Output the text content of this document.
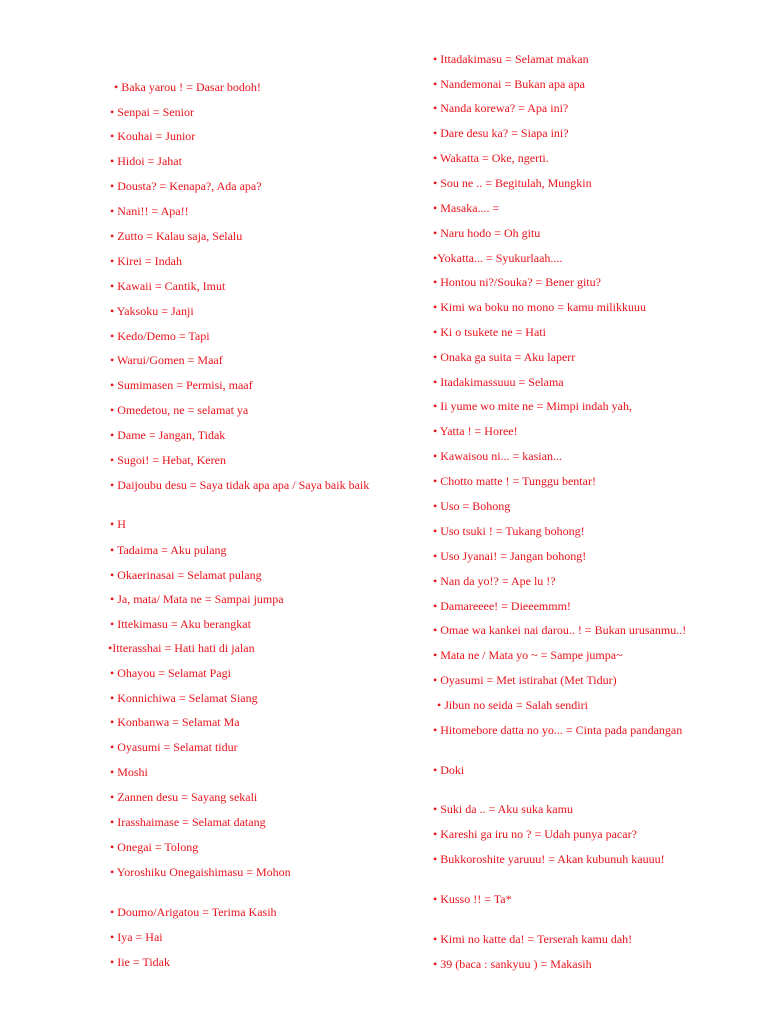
• Baka yarou ! = Dasar bodoh!
• Senpai = Senior
• Kouhai = Junior
• Hidoi = Jahat
• Dousta? = Kenapa?, Ada apa?
• Nani!! = Apa!!
• Zutto = Kalau saja, Selalu
• Kirei = Indah
• Kawaii = Cantik, Imut
• Yaksoku = Janji
• Kedo/Demo = Tapi
• Warui/Gomen = Maaf
• Sumimasen = Permisi, maaf
• Omedetou, ne = selamat ya
• Dame = Jangan, Tidak
• Sugoi! = Hebat, Keren
• Daijoubu desu = Saya tidak apa apa / Saya baik baik
• H
• Tadaima = Aku pulang
• Okaerinasai = Selamat pulang
• Ja, mata/ Mata ne = Sampai jumpa
• Ittekimasu = Aku berangkat
•Itterasshai = Hati hati di jalan
• Ohayou = Selamat Pagi
• Konnichiwa = Selamat Siang
• Konbanwa = Selamat Ma
• Oyasumi = Selamat tidur
• Moshi
• Zannen desu = Sayang sekali
• Irasshaimase = Selamat datang
• Onegai = Tolong
• Yoroshiku Onegaishimasu = Mohon
• Doumo/Arigatou = Terima Kasih
• Iya = Hai
• Iie = Tidak
• Ittadakimasu = Selamat makan
• Nandemonai = Bukan apa apa
• Nanda korewa? = Apa ini?
• Dare desu ka? = Siapa ini?
• Wakatta = Oke, ngerti.
• Sou ne .. = Begitulah, Mungkin
• Masaka.... =
• Naru hodo = Oh gitu
•Yokatta... = Syukurlaah....
• Hontou ni?/Souka? = Bener gitu?
• Kimi wa boku no mono = kamu milikkuuu
• Ki o tsukete ne = Hati
• Onaka ga suita = Aku laperr
• Itadakimassuuu = Selama
• Ii yume wo mite ne = Mimpi indah yah,
• Yatta ! = Horee!
• Kawaisou ni... = kasian...
• Chotto matte ! = Tunggu bentar!
• Uso = Bohong
• Uso tsuki ! = Tukang bohong!
• Uso Jyanai! = Jangan bohong!
• Nan da yo!? = Ape lu !?
• Damareeee! = Dieeemmm!
• Omae wa kankei nai darou.. ! = Bukan urusanmu..!
• Mata ne / Mata yo ~ = Sampe jumpa~
• Oyasumi = Met istirahat (Met Tidur)
• Jibun no seida = Salah sendiri
• Hitomebore datta no yo... = Cinta pada pandangan
• Doki
• Suki da .. = Aku suka kamu
• Kareshi ga iru no ? = Udah punya pacar?
• Bukkoroshite yaruuu! = Akan kubunuh kauuu!
• Kusso !! = Ta*
• Kimi no katte da! = Terserah kamu dah!
• 39 (baca : sankyuu ) = Makasih
